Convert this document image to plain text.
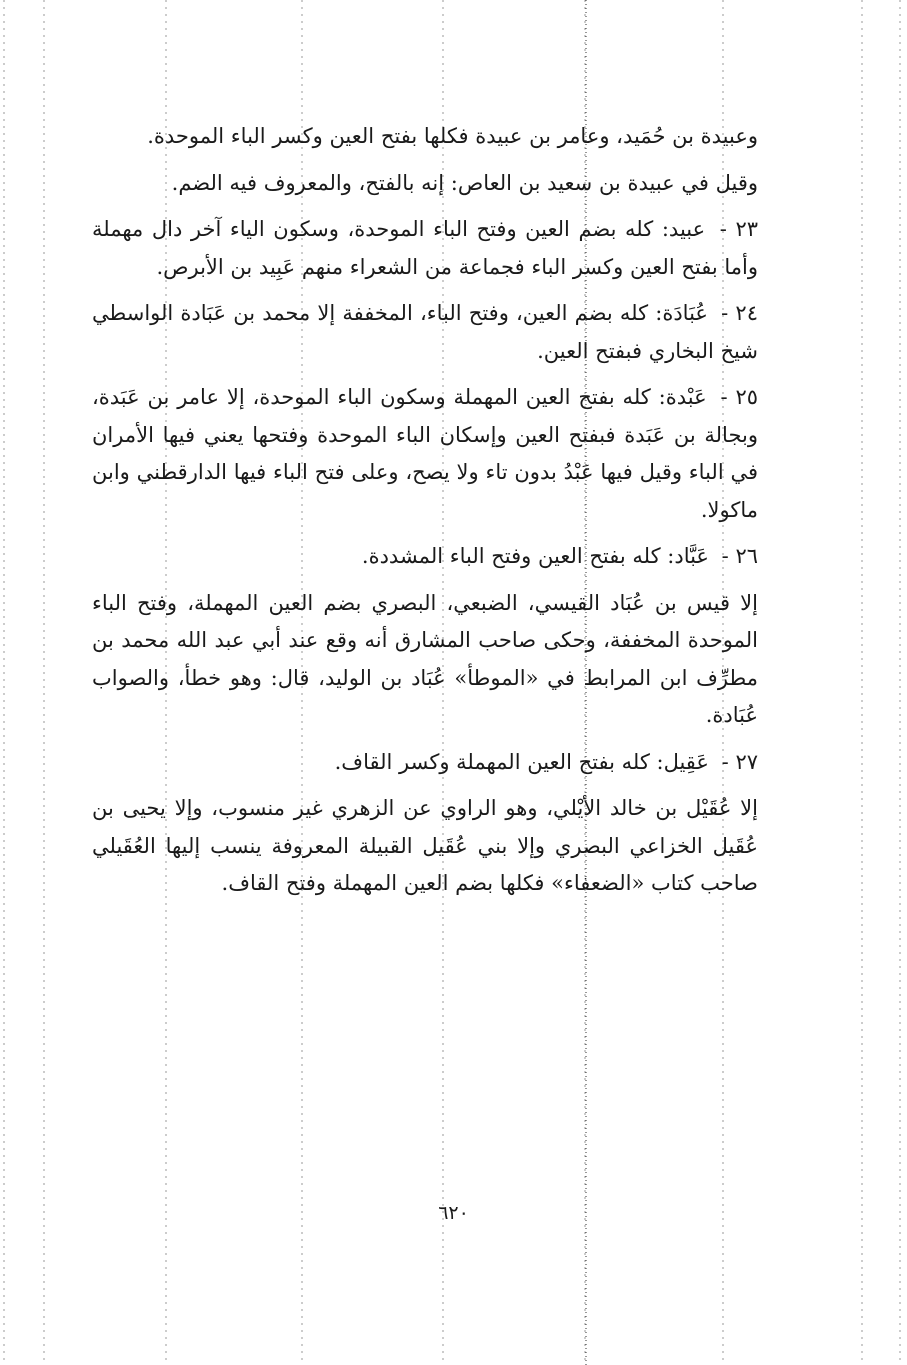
وعبيدة بن حُمَيد، وعامر بن عبيدة فكلها بفتح العين وكسر الباء الموحدة.

وقيل في عبيدة بن سعيد بن العاص: إنه بالفتح، والمعروف فيه الضم.

٢٣ - عبيد: كله بضم العين وفتح الباء الموحدة، وسكون الياء آخر دال مهملة وأما بفتح العين وكسر الباء فجماعة من الشعراء منهم عَبِيد بن الأبرص.

٢٤ - عُبَادَة: كله بضم العين، وفتح الباء، المخففة إلا محمد بن عَبَادة الواسطي شيخ البخاري فبفتح العين.

٢٥ - عَبْدة: كله بفتح العين المهملة وسكون الباء الموحدة، إلا عامر بن عَبَدة، وبجالة بن عَبَدة فبفتح العين وإسكان الباء الموحدة وفتحها يعني فيها الأمران في الباء وقيل فيها عَبْدُ بدون تاء ولا يصح، وعلى فتح الباء فيها الدارقطني وابن ماكولا.

٢٦ - عَبَّاد: كله بفتح العين وفتح الباء المشددة.

إلا قيس بن عُبَاد القيسي، الضبعي، البصري بضم العين المهملة، وفتح الباء الموحدة المخففة، وحكى صاحب المشارق أنه وقع عند أبي عبد الله محمد بن مطرِّف ابن المرابط في «الموطأ» عُبَاد بن الوليد، قال: وهو خطأ، والصواب عُبَادة.

٢٧ - عَقِيل: كله بفتح العين المهملة وكسر القاف.

إلا عُقَيْل بن خالد الأيْلي، وهو الراوي عن الزهري غير منسوب، وإلا يحيى بن عُقَيل الخزاعي البصري وإلا بني عُقَيل القبيلة المعروفة ينسب إليها العُقَيلي صاحب كتاب «الضعفاء» فكلها بضم العين المهملة وفتح القاف.

٦٢٠
